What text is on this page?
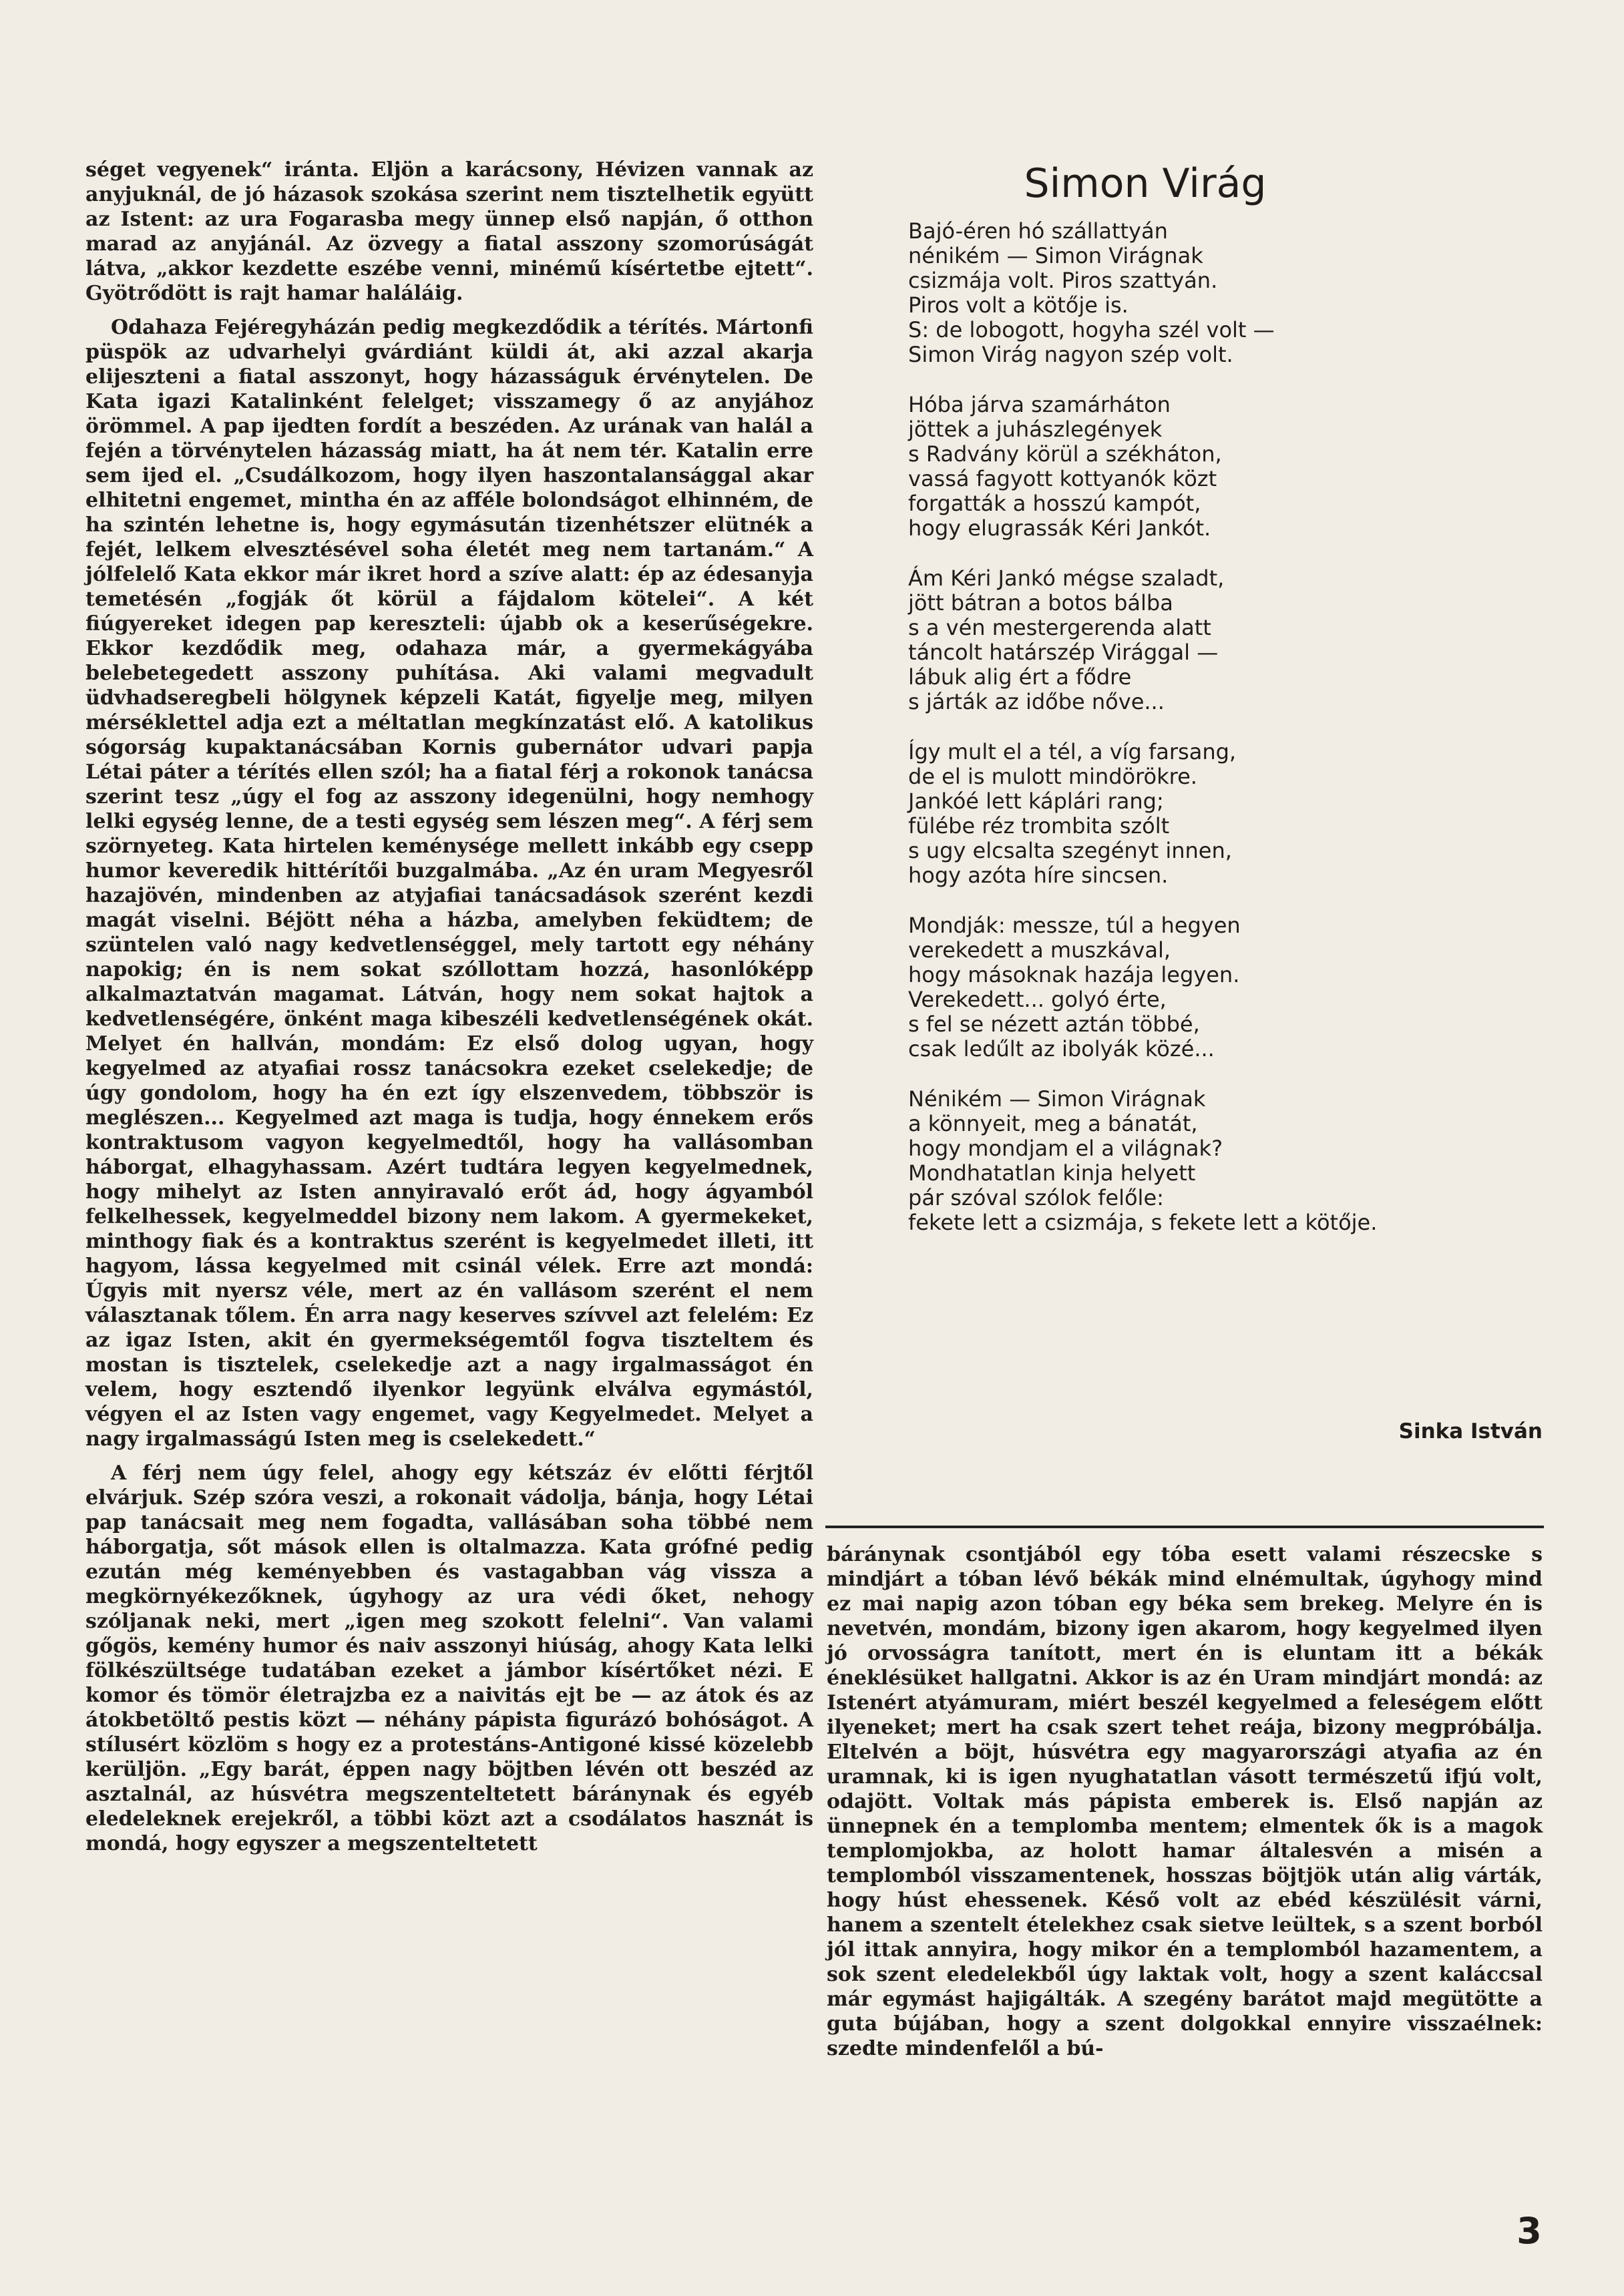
séget vegyenek“ iránta. Eljön a karácsony, Hévizen vannak az anyjuknál, de jó házasok szokása szerint nem tisztelhetik együtt az Istent: az ura Fogarasba megy ünnep első napján, ő otthon marad az anyjánál. Az özvegy a fiatal asszony szomorúságát látva, „akkor kezdette eszébe venni, minémű kísértetbe ejtett“. Gyötrődött is rajt hamar haláláig.

Odahaza Fejéregyházán pedig megkezdődik a térítés. Mártonfi püspök az udvarhelyi gvárdiánt küldi át, aki azzal akarja elijeszteni a fiatal asszonyt, hogy házasságuk érvénytelen. De Kata igazi Katalinként felelget; visszamegy ő az anyjához örömmel. A pap ijedten fordít a beszéden. Az urának van halál a fején a törvénytelen házasság miatt, ha át nem tér. Katalin erre sem ijed el. „Csudálkozom, hogy ilyen haszontalansággal akar elhitetni engemet, mintha én az afféle bolondságot elhinném, de ha szintén lehetne is, hogy egymásután tizenhétszer elütnék a fejét, lelkem elvesztésével soha életét meg nem tartanám.“ A jólfelelő Kata ekkor már ikret hord a szíve alatt: ép az édesanyja temetésén „fogják őt körül a fájdalom kötelei“. A két fiúgyereket idegen pap kereszteli: újabb ok a keserűségekre. Ekkor kezdődik meg, odahaza már, a gyermekágyába belebetegedett asszony puhítása. Aki valami megvadult üdvhadseregbeli hölgynek képzeli Katát, figyelje meg, milyen mérséklettel adja ezt a méltatlan megkínzatást elő. A katolikus sógorság kupaktanácsában Kornis gubernátor udvari papja Létai páter a térítés ellen szól; ha a fiatal férj a rokonok tanácsa szerint tesz „úgy el fog az asszony idegenülni, hogy nemhogy lelki egység lenne, de a testi egység sem lészen meg“. A férj sem szörnyeteg. Kata hirtelen keménysége mellett inkább egy csepp humor keveredik hittérítői buzgalmába. „Az én uram Megyesről hazajövén, mindenben az atyjafiai tanácsadások szerént kezdi magát viselni. Béjött néha a házba, amelyben feküdtem; de szüntelen való nagy kedvetlenséggel, mely tartott egy néhány napokig; én is nem sokat szóllottam hozzá, hasonlóképp alkalmaztatván magamat. Látván, hogy nem sokat hajtok a kedvetlenségére, önként maga kibeszéli kedvetlenségének okát. Melyet én hallván, mondám: Ez első dolog ugyan, hogy kegyelmed az atyafiai rossz tanácsokra ezeket cselekedje; de úgy gondolom, hogy ha én ezt így elszenvedem, többször is meglészen... Kegyelmed azt maga is tudja, hogy énnekem erős kontraktusom vagyon kegyelmedtől, hogy ha vallásomban háborgat, elhagyhassam. Azért tudtára legyen kegyelmednek, hogy mihelyt az Isten annyiravaló erőt ád, hogy ágyamból felkelhessek, kegyelmeddel bizony nem lakom. A gyermekeket, minthogy fiak és a kontraktus szerént is kegyelmedet illeti, itt hagyom, lássa kegyelmed mit csinál vélek. Erre azt mondá: Úgyis mit nyersz véle, mert az én vallásom szerént el nem választanak tőlem. Én arra nagy keserves szívvel azt felelém: Ez az igaz Isten, akit én gyermekségemtől fogva tiszteltem és mostan is tisztelek, cselekedje azt a nagy irgalmasságot én velem, hogy esztendő ilyenkor legyünk elválva egymástól, végyen el az Isten vagy engemet, vagy Kegyelmedet. Melyet a nagy irgalmasságú Isten meg is cselekedett.“

A férj nem úgy felel, ahogy egy kétszáz év előtti férjtől elvárjuk. Szép szóra veszi, a rokonait vádolja, bánja, hogy Létai pap tanácsait meg nem fogadta, vallásában soha többé nem háborgatja, sőt mások ellen is oltalmazza. Kata grófné pedig ezután még keményebben és vastagabban vág vissza a megkörnyékezőknek, úgyhogy az ura védi őket, nehogy szóljanak neki, mert „igen meg szokott felelni“. Van valami gőgös, kemény humor és naiv asszonyi hiúság, ahogy Kata lelki fölkészültsége tudatában ezeket a jámbor kísértőket nézi. E komor és tömör életrajzba ez a naivitás ejt be — az átok és az átokbetöltő pestis közt — néhány pápista figurázó bohóságot. A stílusért közlöm s hogy ez a protestáns-Antigoné kissé közelebb kerüljön. „Egy barát, éppen nagy böjtben lévén ott beszéd az asztalnál, az húsvétra megszenteltetett báránynak és egyéb eledeleknek erejekről, a többi közt azt a csodálatos hasznát is mondá, hogy egyszer a megszenteltetett

Simon Virág
Bajó-éren hó szállattyán
nénikém — Simon Virágnak
csizmája volt. Piros szattyán.
Piros volt a kötője is.
S: de lobogott, hogyha szél volt —
Simon Virág nagyon szép volt.
Hóba járva szamárháton
jöttek a juhászlegények
s Radvány körül a székháton,
vassá fagyott kottyanók közt
forgatták a hosszú kampót,
hogy elugrassák Kéri Jankót.
Ám Kéri Jankó mégse szaladt,
jött bátran a botos bálba
s a vén mestergerenda alatt
táncolt határszép Virággal —
lábuk alig ért a fődre
s járták az időbe nőve...
Így mult el a tél, a víg farsang,
de el is mulott mindörökre.
Jankóé lett káplári rang;
fülébe réz trombita szólt
s ugy elcsalta szegényt innen,
hogy azóta híre sincsen.
Mondják: messze, túl a hegyen
verekedett a muszkával,
hogy másoknak hazája legyen.
Verekedett... golyó érte,
s fel se nézett aztán többé,
csak ledűlt az ibolyák közé...
Nénikém — Simon Virágnak
a könnyeit, meg a bánatát,
hogy mondjam el a világnak?
Mondhatatlan kinja helyett
pár szóval szólok felőle:
fekete lett a csizmája, s fekete lett a kötője.
Sinka István

báránynak csontjából egy tóba esett valami részecske s mindjárt a tóban lévő békák mind elnémultak, úgyhogy mind ez mai napig azon tóban egy béka sem brekeg. Melyre én is nevetvén, mondám, bizony igen akarom, hogy kegyelmed ilyen jó orvosságra tanított, mert én is eluntam itt a békák éneklésüket hallgatni. Akkor is az én Uram mindjárt mondá: az Istenért atyámuram, miért beszél kegyelmed a feleségem előtt ilyeneket; mert ha csak szert tehet reája, bizony megpróbálja. Eltelvén a böjt, húsvétra egy magyarországi atyafia az én uramnak, ki is igen nyughatatlan vásott természetű ifjú volt, odajött. Voltak más pápista emberek is. Első napján az ünnepnek én a templomba mentem; elmentek ők is a magok templomjokba, az holott hamar általesvén a misén a templomból visszamentenek, hosszas böjtjök után alig várták, hogy húst ehessenek. Késő volt az ebéd készülésit várni, hanem a szentelt ételekhez csak sietve leültek, s a szent borból jól ittak annyira, hogy mikor én a templomból hazamentem, a sok szent eledelekből úgy laktak volt, hogy a szent kaláccsal már egymást hajigálták. A szegény barátot majd megütötte a guta bújában, hogy a szent dolgokkal ennyire visszaélnek: szedte mindenfelől a bú-

3
